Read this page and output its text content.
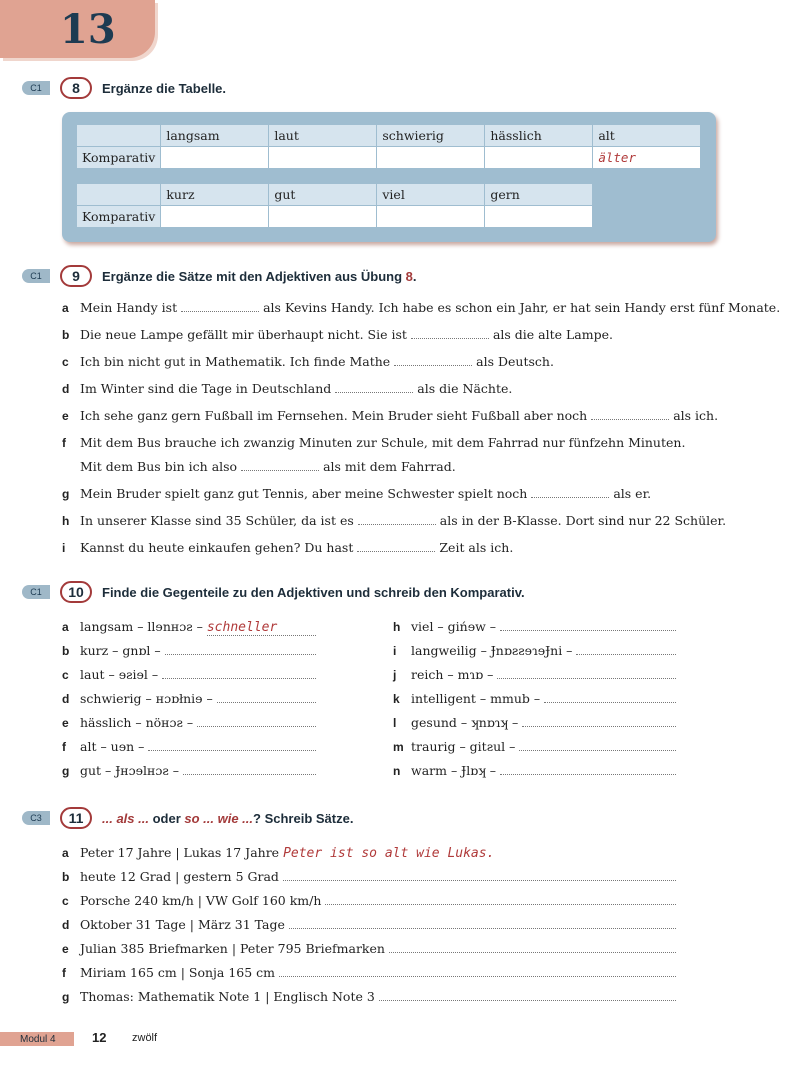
13
C1	8	Ergänze die Tabelle.
	langsam	laut	schwierig	hässlich	alt
Komparativ					älter
	kurz	gut	viel	gern
Komparativ				
C1	9	Ergänze die Sätze mit den Adjektiven aus Übung 8.
a Mein Handy ist	als Kevins Handy. Ich habe es schon ein Jahr, er hat sein Handy erst fünf Monate.
b Die neue Lampe gefällt mir überhaupt nicht. Sie ist	als die alte Lampe.
c Ich bin nicht gut in Mathematik. Ich finde Mathe	als Deutsch.
d Im Winter sind die Tage in Deutschland	als die Nächte.
e Ich sehe ganz gern Fußball im Fernsehen. Mein Bruder sieht Fußball aber noch	als ich.
f	Mit dem Bus brauche ich zwanzig Minuten zur Schule, mit dem Fahrrad nur fünfzehn Minuten.
Mit dem Bus bin ich also	als mit dem Fahrrad.
g Mein Bruder spielt ganz gut Tennis, aber meine Schwester spielt noch	als er.
h In unserer Klasse sind 35 Schüler, da ist es	als in der B-Klasse. Dort sind nur 22 Schüler.
i	Kannst du heute einkaufen gehen? Du hast	Zeit als ich.
C1	10	Finde die Gegenteile zu den Adjektiven und schreib den Komparativ.
a langsam – llɘnʜɔƨ – schneller
b kurz – gnɒl –
c laut – ɘƨiɘl –
d schwierig – ʜɔɒłniɘ –
e hässlich – nöʜɔƨ –
f	alt – uɘn –
g gut – Ɉʜɔɘlʜɔƨ –
h viel – gińɘw –
i	langweilig – ɈnɒƨƨɘɿɘɈni –
j	reich – mɿɒ –
k intelligent – mmub –
l	gesund – ʞnɒɿʞ –
m traurig – gitƨul –
n warm – Ɉlɒʞ –
C3	11	... als ... oder so ... wie ...? Schreib Sätze.
a Peter 17 Jahre | Lukas 17 Jahre Peter ist so alt wie Lukas.
b heute 12 Grad | gestern 5 Grad
c Porsche 240 km/h | VW Golf 160 km/h
d Oktober 31 Tage | März 31 Tage
e Julian 385 Briefmarken | Peter 795 Briefmarken
f	Miriam 165 cm | Sonja 165 cm
g Thomas: Mathematik Note 1 | Englisch Note 3
Modul 4	12 zwölf
